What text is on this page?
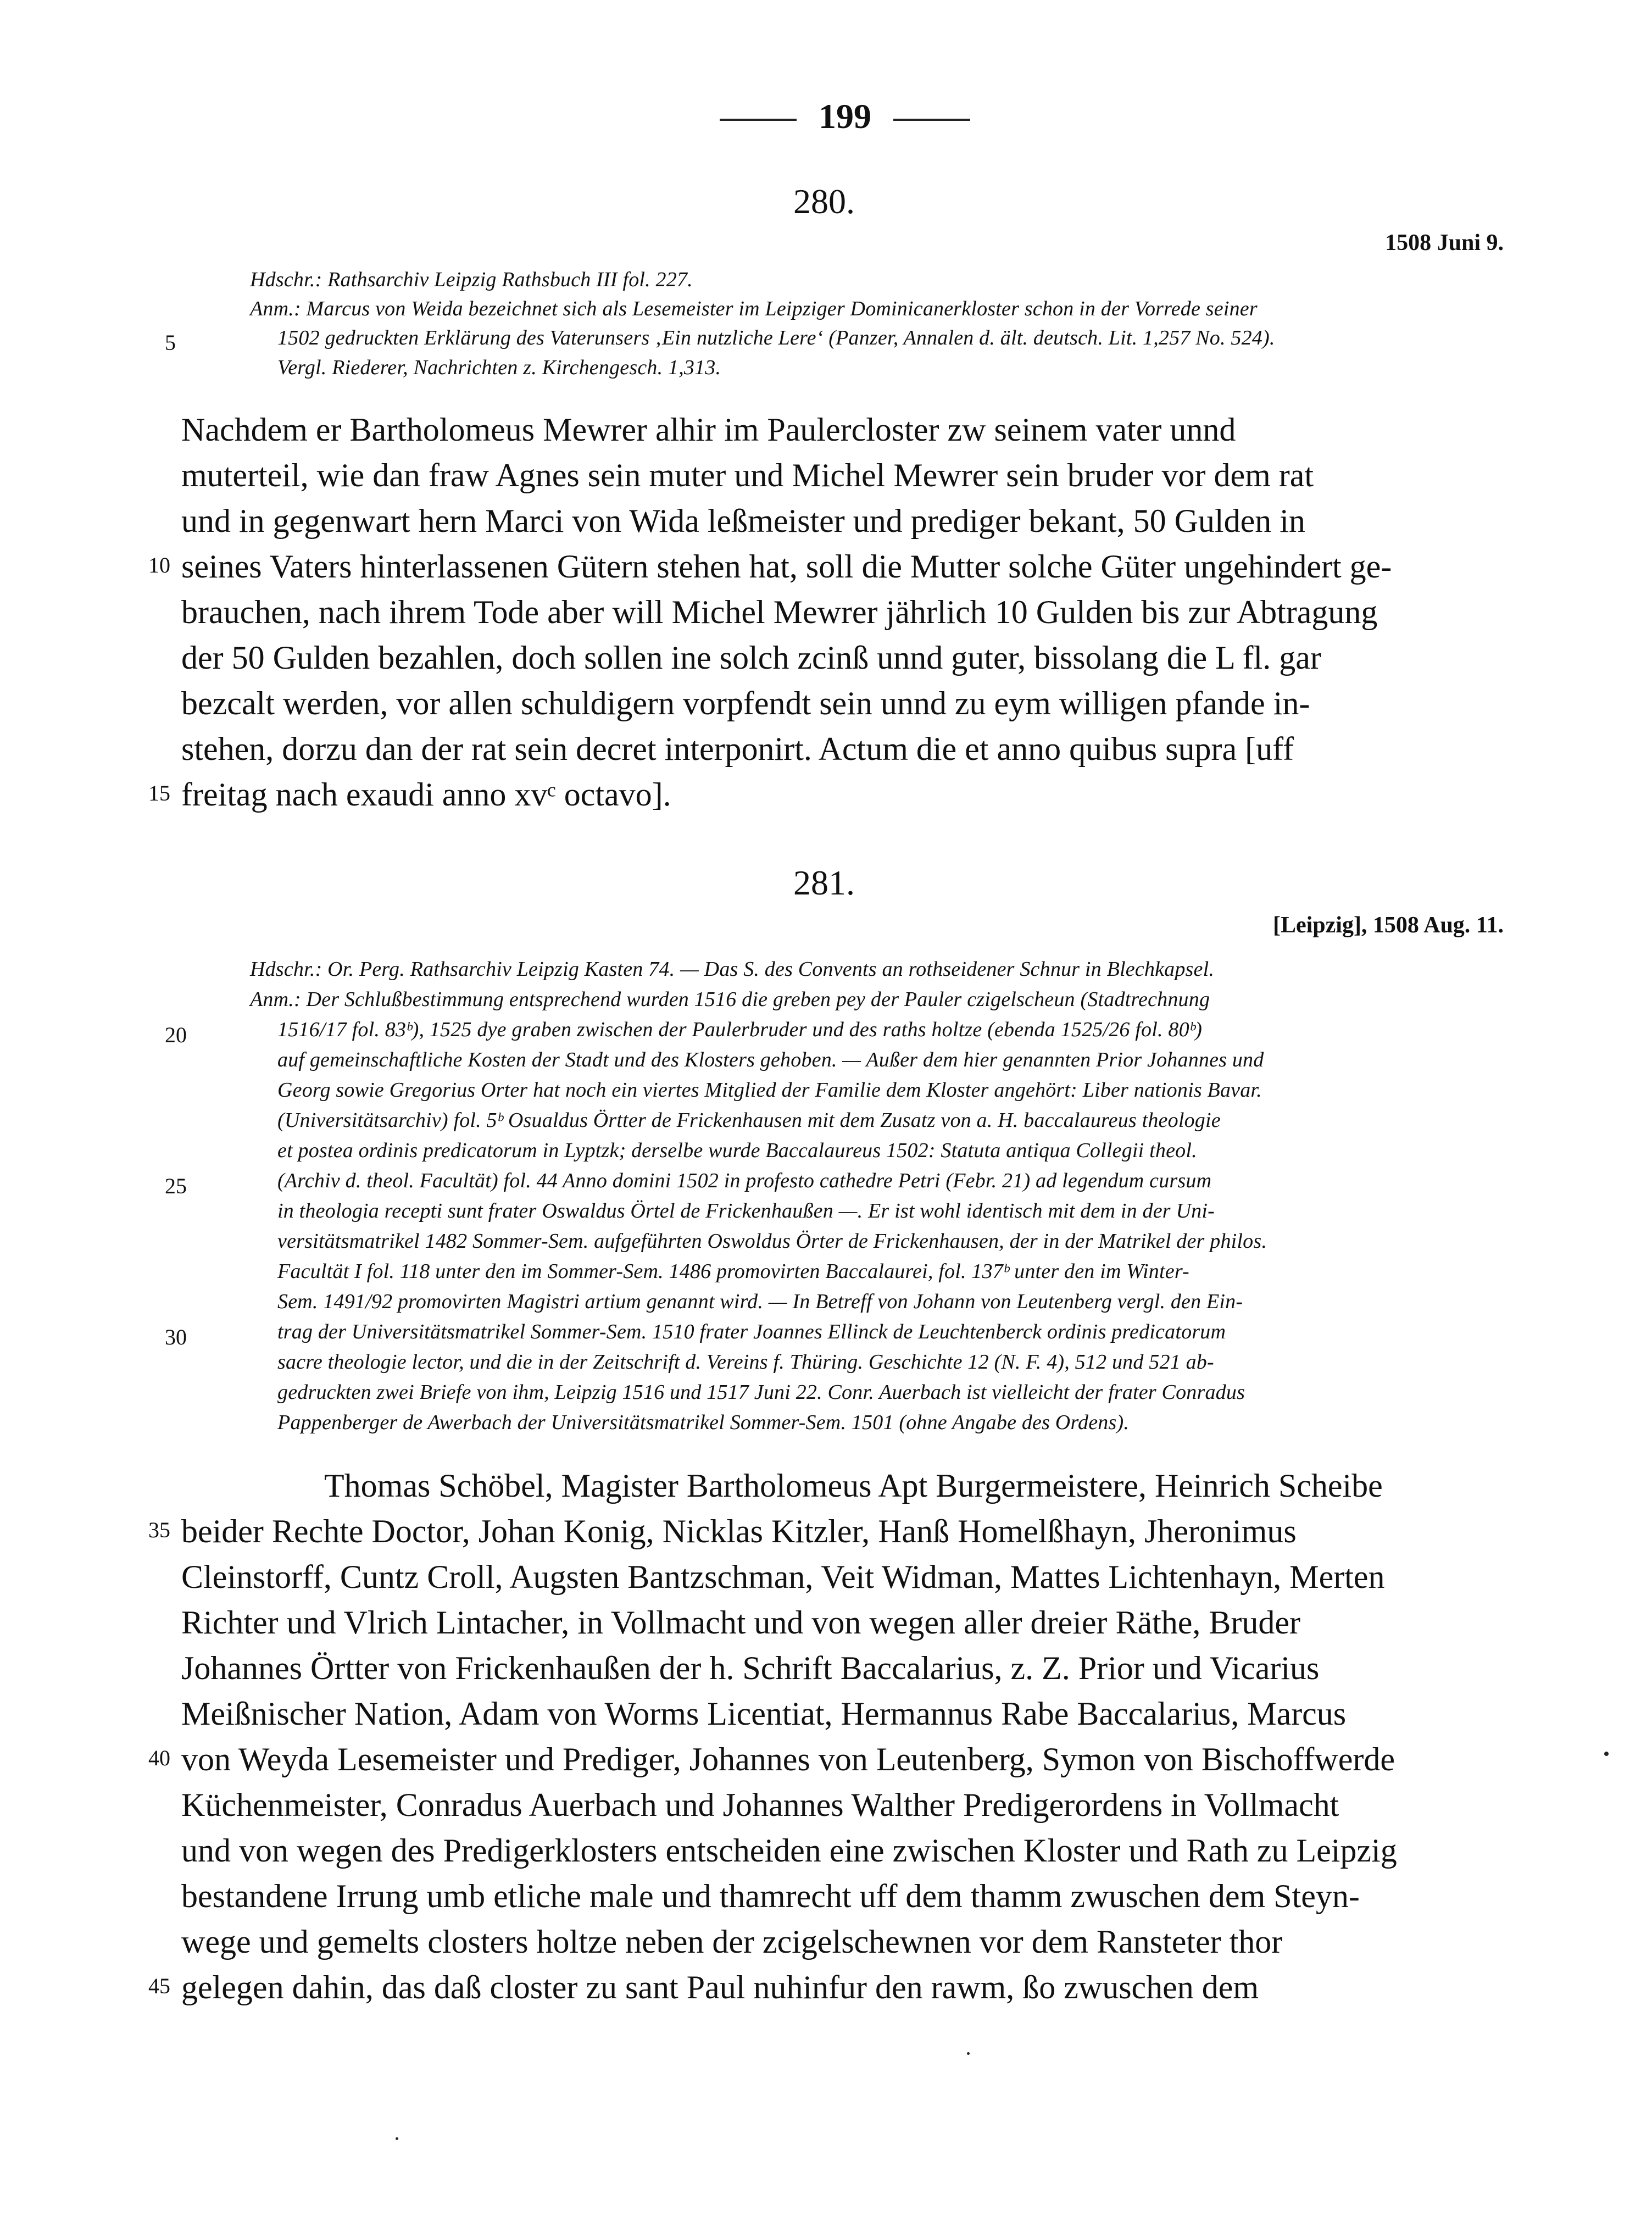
199
280.
1508 Juni 9.
Hdschr.: Rathsarchiv Leipzig Rathsbuch III fol. 227.
Anm.: Marcus von Weida bezeichnet sich als Lesemeister im Leipziger Dominicanerkloster schon in der Vorrede seiner
1502 gedruckten Erklärung des Vaterunsers ‚Ein nutzliche Lere‘ (Panzer, Annalen d. ält. deutsch. Lit. 1,257 No. 524).
Vergl. Riederer, Nachrichten z. Kirchengesch. 1,313.
Nachdem er Bartholomeus Mewrer alhir im Paulercloster zw seinem vater unnd
muterteil, wie dan fraw Agnes sein muter und Michel Mewrer sein bruder vor dem rat
und in gegenwart hern Marci von Wida leßmeister und prediger bekant, 50 Gulden in
seines Vaters hinterlassenen Gütern stehen hat, soll die Mutter solche Güter ungehindert ge-
brauchen, nach ihrem Tode aber will Michel Mewrer jährlich 10 Gulden bis zur Abtragung
der 50 Gulden bezahlen, doch sollen ine solch zcinß unnd guter, bissolang die L fl. gar
bezcalt werden, vor allen schuldigern vorpfendt sein unnd zu eym willigen pfande in-
stehen, dorzu dan der rat sein decret interponirt. Actum die et anno quibus supra [uff
freitag nach exaudi anno xvᶜ octavo].
281.
[Leipzig], 1508 Aug. 11.
Hdschr.: Or. Perg. Rathsarchiv Leipzig Kasten 74. — Das S. des Convents an rothseidener Schnur in Blechkapsel.
Anm.: Der Schlußbestimmung entsprechend wurden 1516 die greben pey der Pauler czigelscheun (Stadtrechnung
1516/17 fol. 83ᵇ), 1525 dye graben zwischen der Paulerbruder und des raths holtze (ebenda 1525/26 fol. 80ᵇ)
auf gemeinschaftliche Kosten der Stadt und des Klosters gehoben. — Außer dem hier genannten Prior Johannes und
Georg sowie Gregorius Orter hat noch ein viertes Mitglied der Familie dem Kloster angehört: Liber nationis Bavar.
(Universitätsarchiv) fol. 5ᵇ Osualdus Örtter de Frickenhausen mit dem Zusatz von a. H. baccalaureus theologie
et postea ordinis predicatorum in Lyptzk; derselbe wurde Baccalaureus 1502: Statuta antiqua Collegii theol.
(Archiv d. theol. Facultät) fol. 44 Anno domini 1502 in profesto cathedre Petri (Febr. 21) ad legendum cursum
in theologia recepti sunt frater Oswaldus Örtel de Frickenhaußen —. Er ist wohl identisch mit dem in der Uni-
versitätsmatrikel 1482 Sommer-Sem. aufgeführten Oswoldus Örter de Frickenhausen, der in der Matrikel der philos.
Facultät I fol. 118 unter den im Sommer-Sem. 1486 promovirten Baccalaurei, fol. 137ᵇ unter den im Winter-
Sem. 1491/92 promovirten Magistri artium genannt wird. — In Betreff von Johann von Leutenberg vergl. den Ein-
trag der Universitätsmatrikel Sommer-Sem. 1510 frater Joannes Ellinck de Leuchtenberck ordinis predicatorum
sacre theologie lector, und die in der Zeitschrift d. Vereins f. Thüring. Geschichte 12 (N. F. 4), 512 und 521 ab-
gedruckten zwei Briefe von ihm, Leipzig 1516 und 1517 Juni 22. Conr. Auerbach ist vielleicht der frater Conradus
Pappenberger de Awerbach der Universitätsmatrikel Sommer-Sem. 1501 (ohne Angabe des Ordens).
Thomas Schöbel, Magister Bartholomeus Apt Burgermeistere, Heinrich Scheibe
beider Rechte Doctor, Johan Konig, Nicklas Kitzler, Hanß Homelßhayn, Jheronimus
Cleinstorff, Cuntz Croll, Augsten Bantzschman, Veit Widman, Mattes Lichtenhayn, Merten
Richter und Vlrich Lintacher, in Vollmacht und von wegen aller dreier Räthe, Bruder
Johannes Örtter von Frickenhaußen der h. Schrift Baccalarius, z. Z. Prior und Vicarius
Meißnischer Nation, Adam von Worms Licentiat, Hermannus Rabe Baccalarius, Marcus
von Weyda Lesemeister und Prediger, Johannes von Leutenberg, Symon von Bischoffwerde
Küchenmeister, Conradus Auerbach und Johannes Walther Predigerordens in Vollmacht
und von wegen des Predigerklosters entscheiden eine zwischen Kloster und Rath zu Leipzig
bestandene Irrung umb etliche male und thamrecht uff dem thamm zwuschen dem Steyn-
wege und gemelts closters holtze neben der zcigelschewnen vor dem Ransteter thor
gelegen dahin, das daß closter zu sant Paul nuhinfur den rawm, ßo zwuschen dem
5
10
15
20
25
30
35
40
45
